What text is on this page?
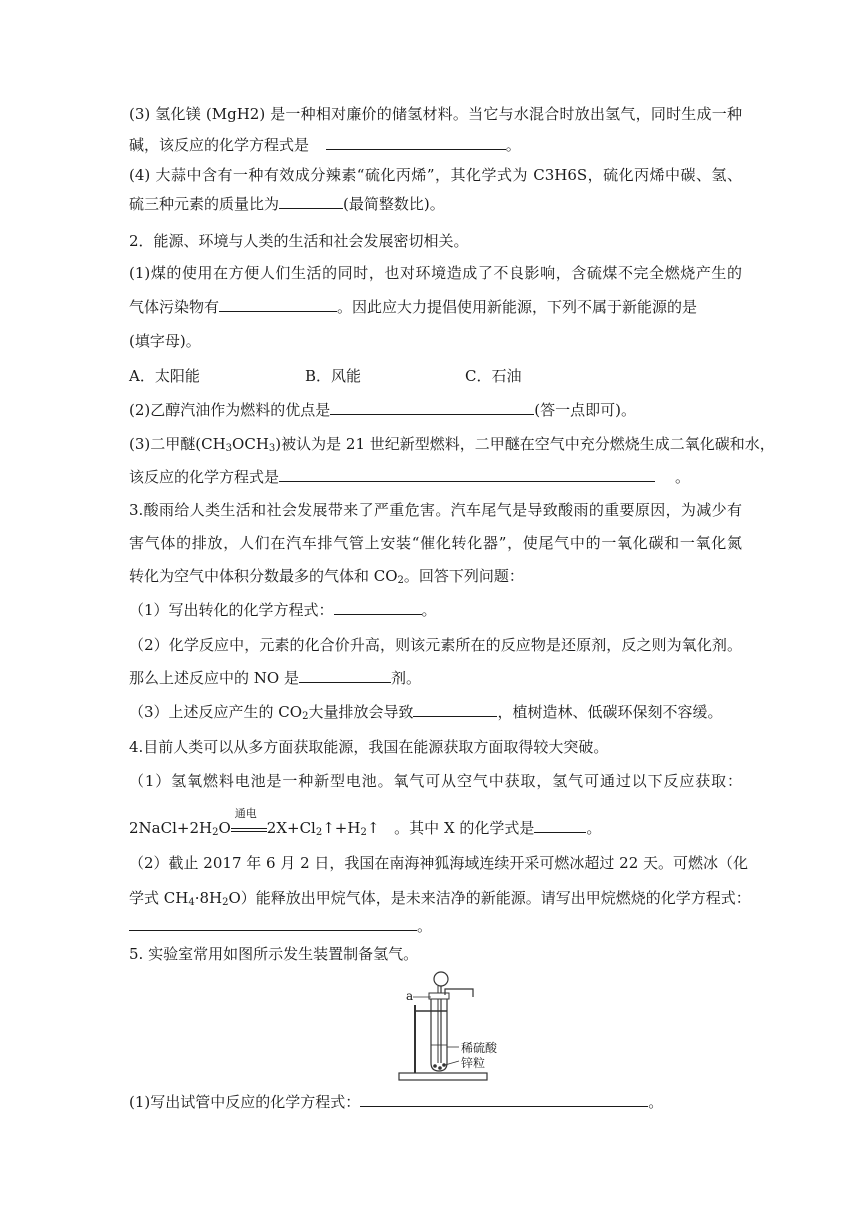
(3) 氢化镁 (MgH2) 是一种相对廉价的储氢材料。当它与水混合时放出氢气，同时生成一种
碱，该反应的化学方程式是	。
(4) 大蒜中含有一种有效成分辣素“硫化丙烯”，其化学式为 C3H6S，硫化丙烯中碳、氢、
硫三种元素的质量比为	(最简整数比)。
2．能源、环境与人类的生活和社会发展密切相关。
(1)煤的使用在方便人们生活的同时，也对环境造成了不良影响，含硫煤不完全燃烧产生的
气体污染物有	。因此应大力提倡使用新能源，下列不属于新能源的是
(填字母)。
A．太阳能	B．风能	C．石油
(2)乙醇汽油作为燃料的优点是	(答一点即可)。
(3)二甲醚$(CH_3OCH_3)$被认为是 21 世纪新型燃料，二甲醚在空气中充分燃烧生成二氧化碳和水，
该反应的化学方程式是	。
3.酸雨给人类生活和社会发展带来了严重危害。汽车尾气是导致酸雨的重要原因，为减少有
害气体的排放，人们在汽车排气管上安装“催化转化器”，使尾气中的一氧化碳和一氧化氮
转化为空气中体积分数最多的气体和 $CO_2$。回答下列问题：
（1）写出转化的化学方程式：	。
（2）化学反应中，元素的化合价升高，则该元素所在的反应物是还原剂，反之则为氧化剂。
那么上述反应中的 NO 是	剂。
（3）上述反应产生的 $CO_2$大量排放会导致	，植树造林、低碳环保刻不容缓。
4.目前人类可以从多方面获取能源，我国在能源获取方面取得较大突破。
（1）氢氧燃料电池是一种新型电池。氧气可从空气中获取，氢气可通过以下反应获取：
$2NaCl+2H_2O$
通电
$2X+Cl_2↑+H_2↑$ 。其中 X 的化学式是	。
（2）截止 2017 年 6 月 2 日，我国在南海神狐海域连续开采可燃冰超过 22 天。可燃冰（化
学式 $CH_4\cdot 8H_2O$）能释放出甲烷气体，是未来洁净的新能源。请写出甲烷燃烧的化学方程式：
。
5. 实验室常用如图所示发生装置制备氢气。
a
稀硫酸
锌粒
(1)写出试管中反应的化学方程式：	。
